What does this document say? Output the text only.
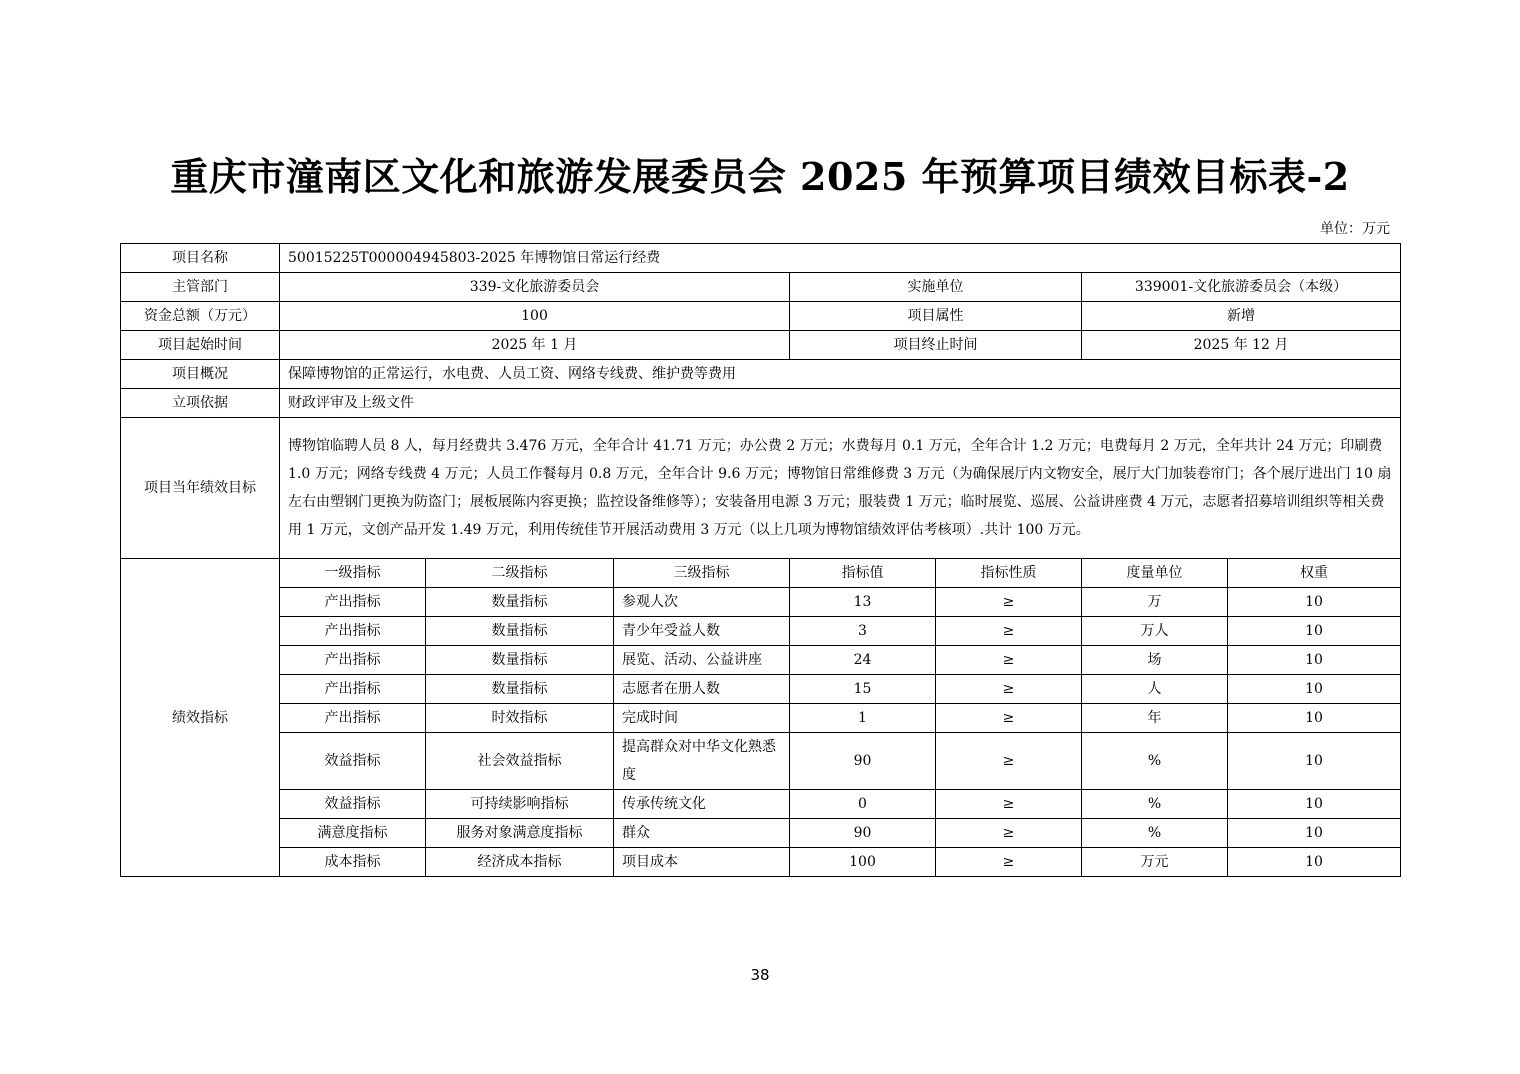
重庆市潼南区文化和旅游发展委员会 2025 年预算项目绩效目标表-2
单位：万元
项目名称	50015225T000004945803-2025 年博物馆日常运行经费						
主管部门	339-文化旅游委员会			实施单位		339001-文化旅游委员会（本级）	
资金总额（万元）	100			项目属性		新增	
项目起始时间	2025 年 1 月			项目终止时间		2025 年 12 月	
项目概况	保障博物馆的正常运行，水电费、人员工资、网络专线费、维护费等费用						
立项依据	财政评审及上级文件						
项目当年绩效目标	博物馆临聘人员 8 人，每月经费共 3.476 万元，全年合计 41.71 万元；办公费 2 万元；水费每月 0.1 万元，全年合计 1.2 万元；电费每月 2 万元，全年共计 24 万元；印刷费 1.0 万元；网络专线费 4 万元；人员工作餐每月 0.8 万元，全年合计 9.6 万元；博物馆日常维修费 3 万元（为确保展厅内文物安全，展厅大门加装卷帘门；各个展厅进出门 10 扇左右由塑钢门更换为防盗门；展板展陈内容更换；监控设备维修等）；安装备用电源 3 万元；服装费 1 万元；临时展览、巡展、公益讲座费 4 万元，志愿者招募培训组织等相关费用 1 万元，文创产品开发 1.49 万元，利用传统佳节开展活动费用 3 万元（以上几项为博物馆绩效评估考核项）.共计 100 万元。						
绩效指标	一级指标	二级指标	三级指标	指标值	指标性质	度量单位	权重
	产出指标	数量指标	参观人次	13	≥	万	10
	产出指标	数量指标	青少年受益人数	3	≥	万人	10
	产出指标	数量指标	展览、活动、公益讲座	24	≥	场	10
	产出指标	数量指标	志愿者在册人数	15	≥	人	10
	产出指标	时效指标	完成时间	1	≥	年	10
	效益指标	社会效益指标	提高群众对中华文化熟悉度	90	≥	%	10
	效益指标	可持续影响指标	传承传统文化	0	≥	%	10
	满意度指标	服务对象满意度指标	群众	90	≥	%	10
	成本指标	经济成本指标	项目成本	100	≥	万元	10
38
